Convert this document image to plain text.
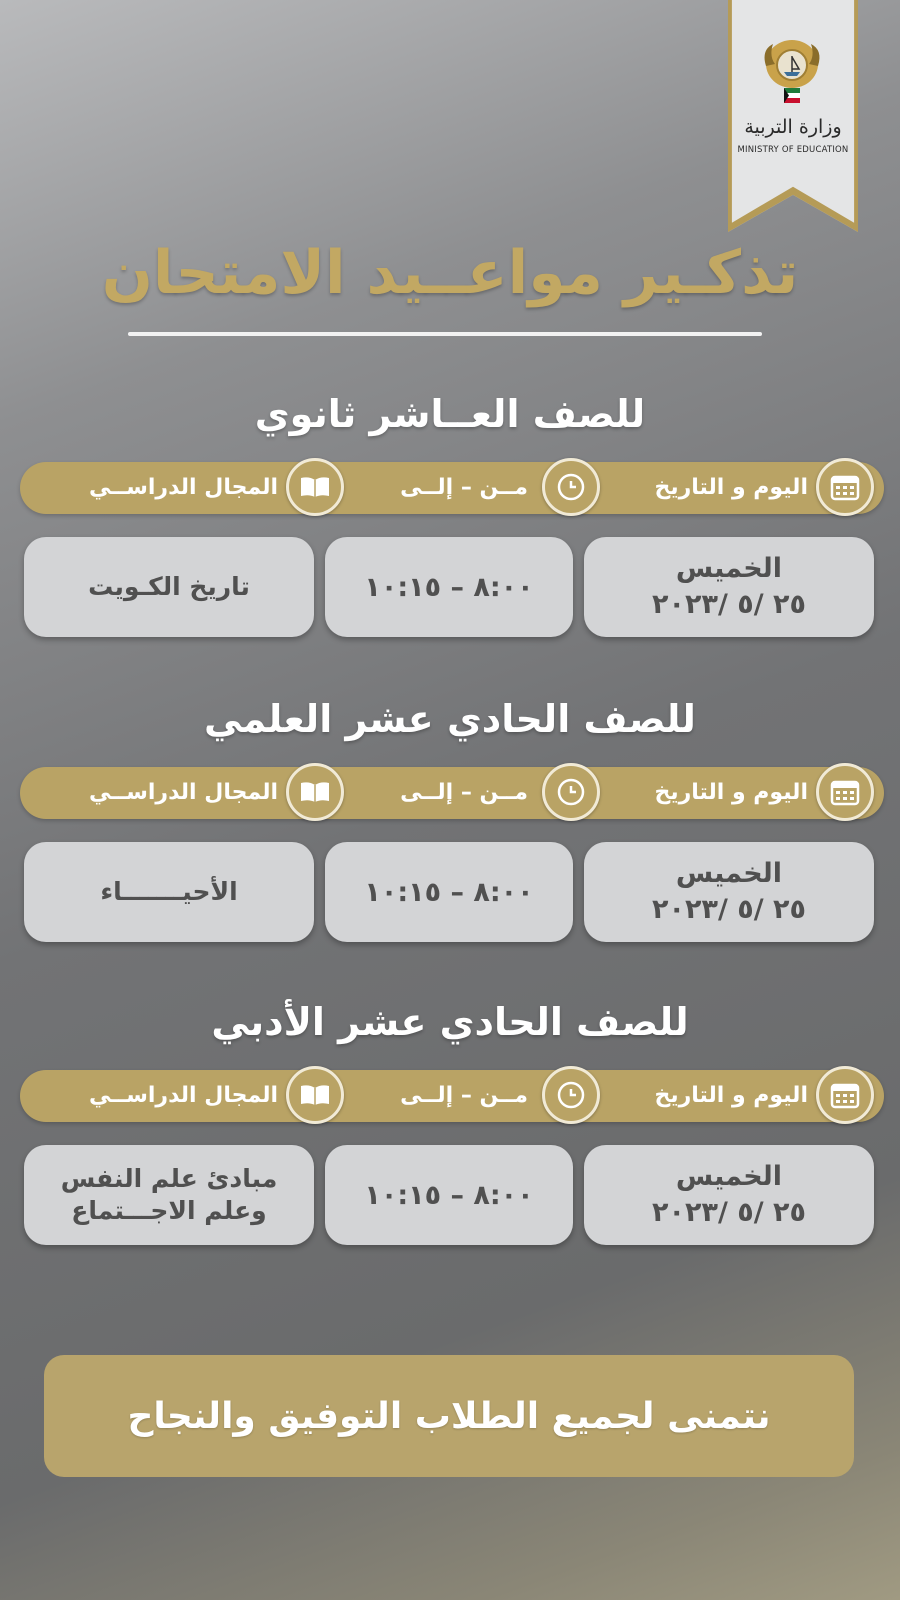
وزارة التربية
MINISTRY OF EDUCATION
تذكـير مواعــيد الامتحان
للصف العــاشر ثانوي
اليوم و التاريخ
مــن – إلــى
المجال الدراســي
الخميس
٢٥ /٥ /٢٠٢٣
٨:٠٠ – ١٠:١٥
تاريخ الكـويت
للصف الحادي عشر العلمي
اليوم و التاريخ
مــن – إلــى
المجال الدراســي
الخميس
٢٥ /٥ /٢٠٢٣
٨:٠٠ – ١٠:١٥
الأحيـــــــاء
للصف الحادي عشر الأدبي
اليوم و التاريخ
مــن – إلــى
المجال الدراســي
الخميس
٢٥ /٥ /٢٠٢٣
٨:٠٠ – ١٠:١٥
مبادئ علم النفس
وعلم الاجـــتماع
نتمنى لجميع الطلاب التوفيق والنجاح
